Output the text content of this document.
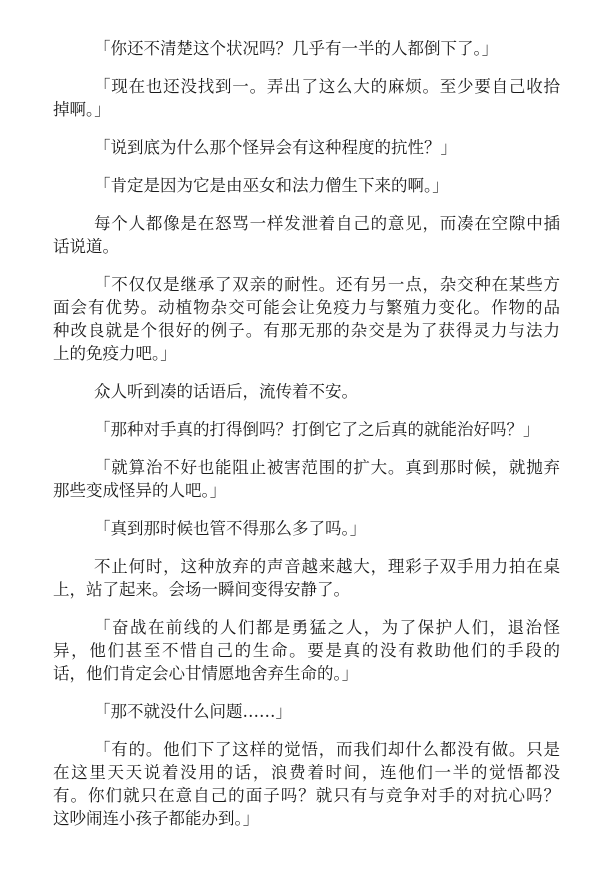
「你还不清楚这个状况吗？几乎有一半的人都倒下了。」

「现在也还没找到一。弄出了这么大的麻烦。至少要自己收拾
掉啊。」

「说到底为什么那个怪异会有这种程度的抗性？」

「肯定是因为它是由巫女和法力僧生下来的啊。」

每个人都像是在怒骂一样发泄着自己的意见，而凑在空隙中插
话说道。

「不仅仅是继承了双亲的耐性。还有另一点，杂交种在某些方
面会有优势。动植物杂交可能会让免疫力与繁殖力变化。作物的品
种改良就是个很好的例子。有那无那的杂交是为了获得灵力与法力
上的免疫力吧。」

众人听到凑的话语后，流传着不安。

「那种对手真的打得倒吗？打倒它了之后真的就能治好吗？」

「就算治不好也能阻止被害范围的扩大。真到那时候，就抛弃
那些变成怪异的人吧。」

「真到那时候也管不得那么多了吗。」

不止何时，这种放弃的声音越来越大，理彩子双手用力拍在桌
上，站了起来。会场一瞬间变得安静了。

「奋战在前线的人们都是勇猛之人，为了保护人们，退治怪
异，他们甚至不惜自己的生命。要是真的没有救助他们的手段的
话，他们肯定会心甘情愿地舍弃生命的。」

「那不就没什么问题……」

「有的。他们下了这样的觉悟，而我们却什么都没有做。只是
在这里天天说着没用的话，浪费着时间，连他们一半的觉悟都没
有。你们就只在意自己的面子吗？就只有与竞争对手的对抗心吗？
这吵闹连小孩子都能办到。」
